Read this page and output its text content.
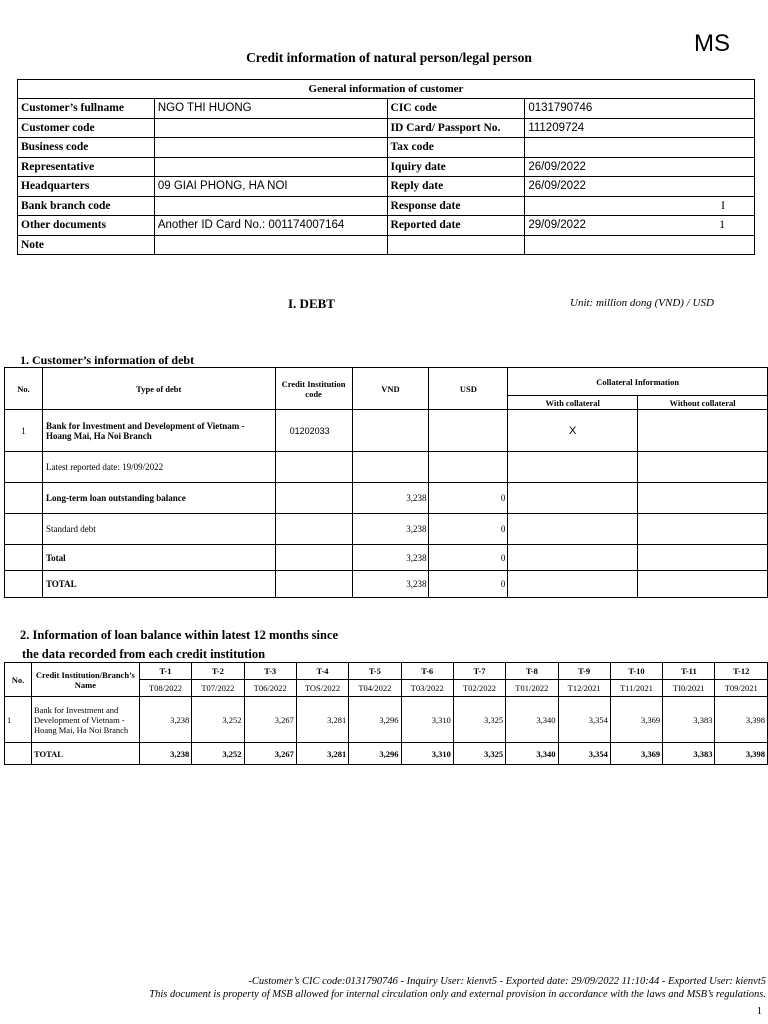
MS
Credit information of natural person/legal person
General information of customer			
Customer’s fullname	NGO THI HUONG	CIC code	0131790746

Customer code		ID Card/ Passport No.	111209724

Business code		Tax code	

Representative		Iquiry date	26/09/2022

Headquarters	09 GIAI PHONG, HA NOI	Reply date	26/09/2022

Bank branch code		Response date	I

Other documents	Another ID Card No.: 001174007164	Reported date	29/09/2022 1

Note			
I. DEBT	Unit: million dong (VND) / USD
1. Customer’s information of debt
No.	Type of debt	Credit Institution code	VND	USD	Collateral Information	
					With collateral	Without collateral
1	Bank for Investment and Development of Vietnam - Hoang Mai, Ha Noi Branch	01202033			X	
	Latest reported date: 19/09/2022					
	Long-term loan outstanding balance		3,238	0		
	Standard debt		3,238	0		
	Total		3,238	0		
	TOTAL		3,238	0		
2. Information of loan balance within latest 12 months since
the data recorded from each credit institution
No.	Credit Institution/Branch’s Name	T-1	T-2	T-3	T-4	T-5	T-6	T-7	T-8	T-9	T-10	T-11	T-12
		T08/2022	T07/2022	T06/2022	TOS/2022	T04/2022	T03/2022	T02/2022	T01/2022	T12/2021	T11/2021	TI0/2021	T09/2021
1	Bank for Investment and Development of Vietnam - Hoang Mai, Ha Noi Branch	3,238	3,252	3,267	3,281	3,296	3,310	3,325	3,340	3,354	3,369	3,383	3,398
	TOTAL	3,238	3,252	3,267	3,281	3,296	3,310	3,325	3,340	3,354	3,369	3,383	3,398
-Customer’s CIC code:0131790746 - Inquiry User: kienvt5 - Exported date: 29/09/2022 11:10:44 - Exported User: kienvt5
This document is property of MSB allowed for internal circulation only and external provision in accordance with the laws and MSB’s regulations.
1
